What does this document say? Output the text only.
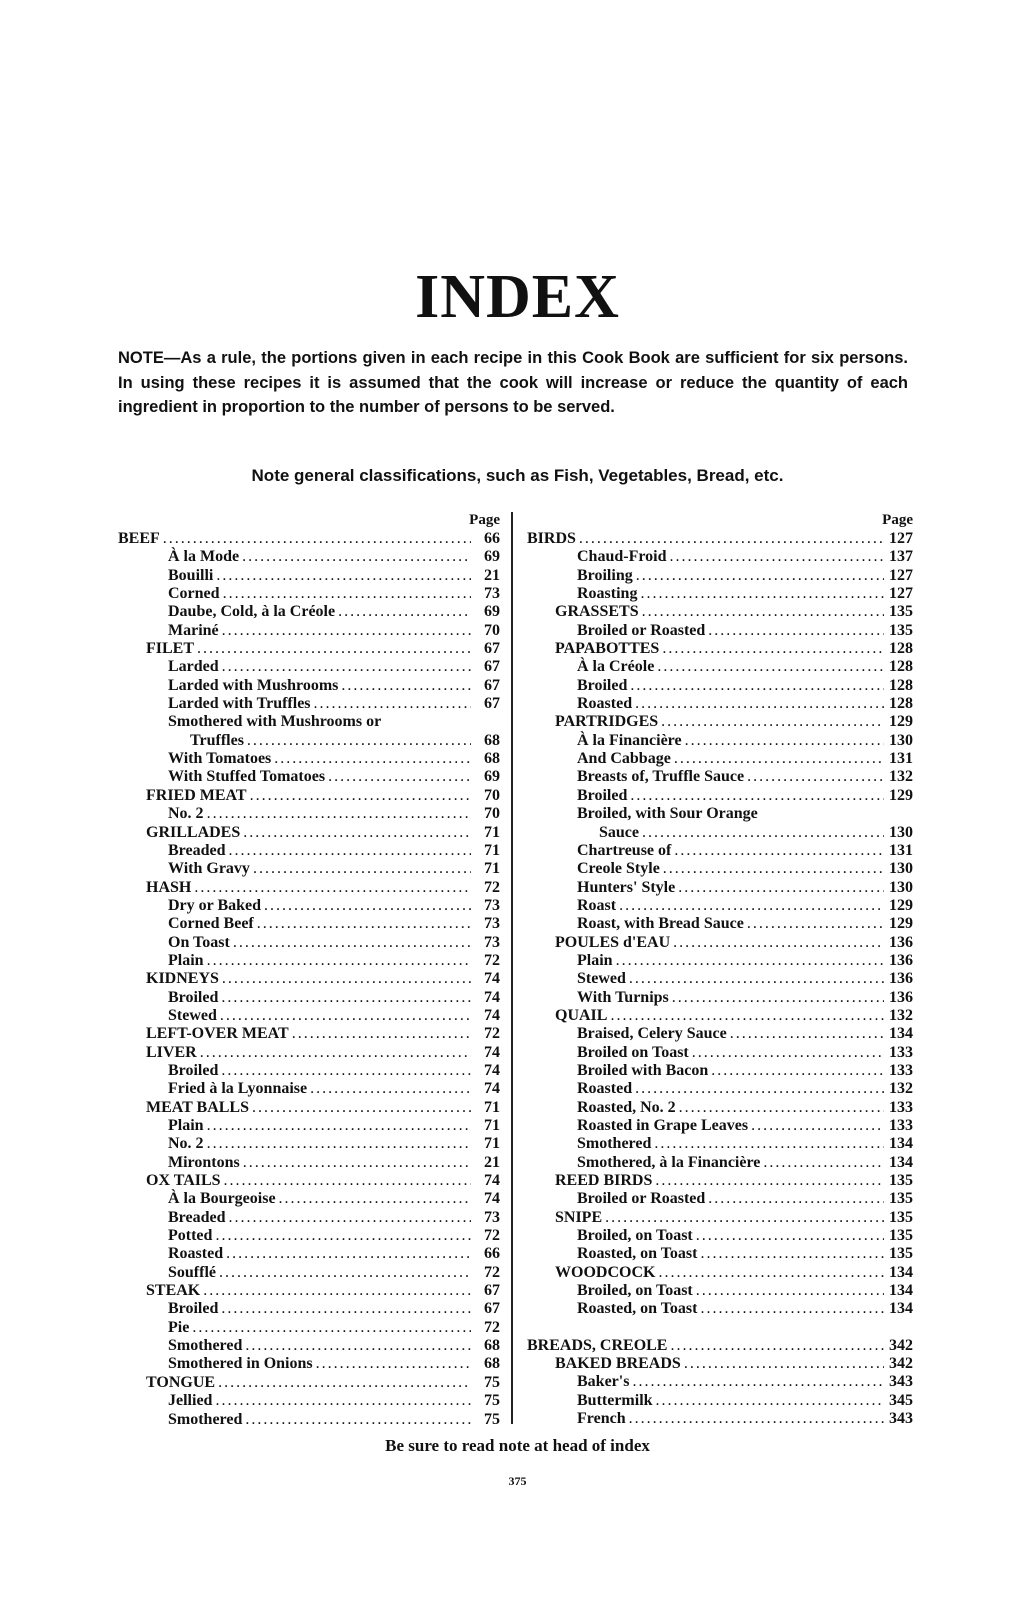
INDEX
NOTE—As a rule, the portions given in each recipe in this Cook Book are sufficient for six persons. In using these recipes it is assumed that the cook will increase or reduce the quantity of each ingredient in proportion to the number of persons to be served.
Note general classifications, such as Fish, Vegetables, Bread, etc.
Page
BEEF .....	66
À la Mode .....	69
Bouilli .....	21
Corned .....	73
Daube, Cold, à la Créole .....	69
Mariné .....	70
FILET .....	67
Larded .....	67
Larded with Mushrooms .....	67
Larded with Truffles .....	67
Smothered with Mushrooms or
Truffles .....	68
With Tomatoes .....	68
With Stuffed Tomatoes .....	69
FRIED MEAT .....	70
No. 2 .....	70
GRILLADES .....	71
Breaded .....	71
With Gravy .....	71
HASH .....	72
Dry or Baked .....	73
Corned Beef .....	73
On Toast .....	73
Plain .....	72
KIDNEYS .....	74
Broiled .....	74
Stewed .....	74
LEFT-OVER MEAT .....	72
LIVER .....	74
Broiled .....	74
Fried à la Lyonnaise .....	74
MEAT BALLS .....	71
Plain .....	71
No. 2 .....	71
Mirontons .....	21
OX TAILS .....	74
À la Bourgeoise .....	74
Breaded .....	73
Potted .....	72
Roasted .....	66
Soufflé .....	72
STEAK .....	67
Broiled .....	67
Pie .....	72
Smothered .....	68
Smothered in Onions .....	68
TONGUE .....	75
Jellied .....	75
Smothered .....	75
Page
BIRDS .....	127
Chaud-Froid .....	137
Broiling .....	127
Roasting .....	127
GRASSETS .....	135
Broiled or Roasted .....	135
PAPABOTTES .....	128
À la Créole .....	128
Broiled .....	128
Roasted .....	128
PARTRIDGES .....	129
À la Financière .....	130
And Cabbage .....	131
Breasts of, Truffle Sauce .....	132
Broiled .....	129
Broiled, with Sour Orange
Sauce .....	130
Chartreuse of .....	131
Creole Style .....	130
Hunters' Style .....	130
Roast .....	129
Roast, with Bread Sauce .....	129
POULES d'EAU .....	136
Plain .....	136
Stewed .....	136
With Turnips .....	136
QUAIL .....	132
Braised, Celery Sauce .....	134
Broiled on Toast .....	133
Broiled with Bacon .....	133
Roasted .....	132
Roasted, No. 2 .....	133
Roasted in Grape Leaves .....	133
Smothered .....	134
Smothered, à la Financière .....	134
REED BIRDS .....	135
Broiled or Roasted .....	135
SNIPE .....	135
Broiled, on Toast .....	135
Roasted, on Toast .....	135
WOODCOCK .....	134
Broiled, on Toast .....	134
Roasted, on Toast .....	134
BREADS, CREOLE .....	342
BAKED BREADS .....	342
Baker's .....	343
Buttermilk .....	345
French .....	343
Be sure to read note at head of index
375
